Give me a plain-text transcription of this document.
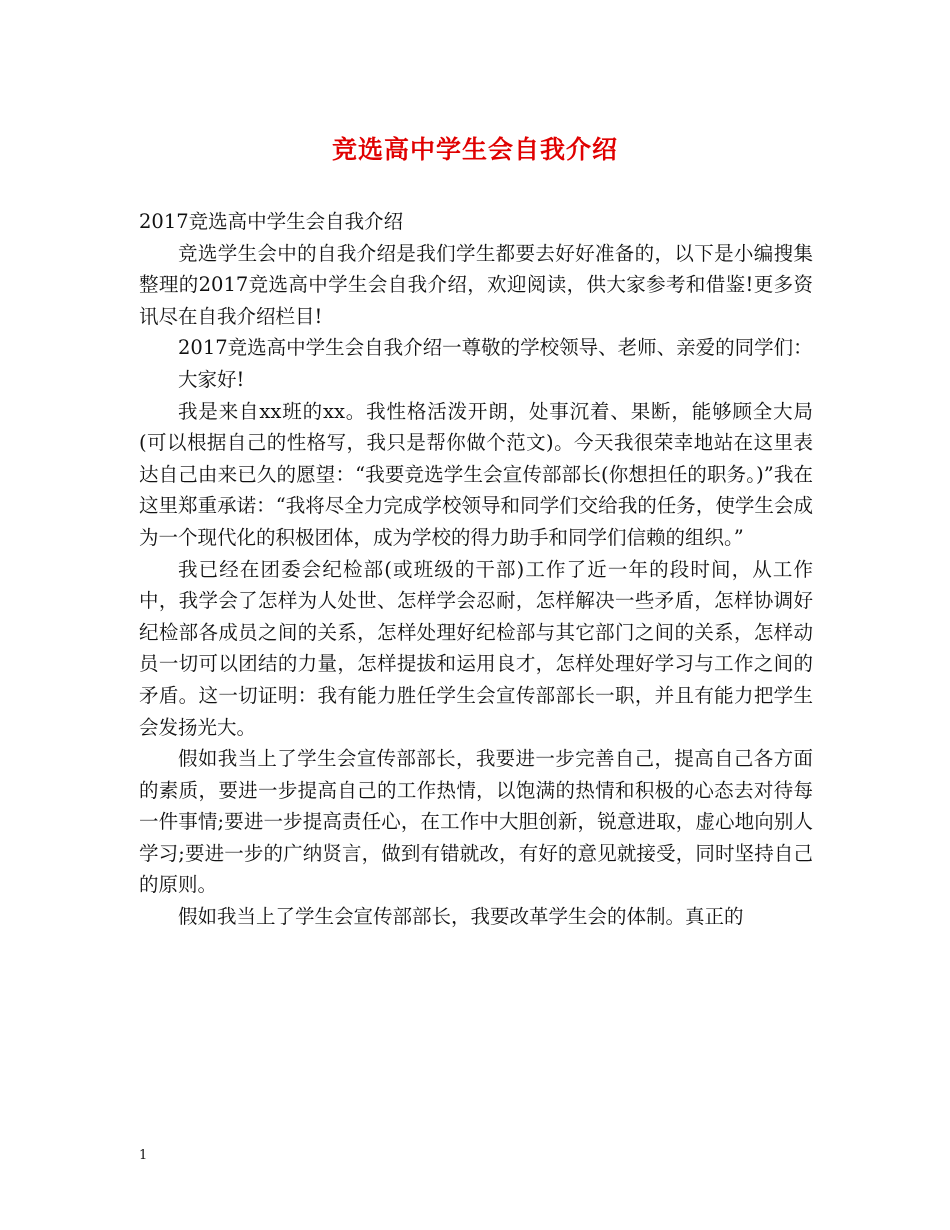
竞选高中学生会自我介绍

2017竞选高中学生会自我介绍

竞选学生会中的自我介绍是我们学生都要去好好准备的，以下是小编搜集整理的2017竞选高中学生会自我介绍，欢迎阅读，供大家参考和借鉴!更多资讯尽在自我介绍栏目!

2017竞选高中学生会自我介绍一尊敬的学校领导、老师、亲爱的同学们：

大家好!

我是来自xx班的xx。我性格活泼开朗，处事沉着、果断，能够顾全大局(可以根据自己的性格写，我只是帮你做个范文)。今天我很荣幸地站在这里表达自己由来已久的愿望：“我要竞选学生会宣传部部长(你想担任的职务。)”我在这里郑重承诺：“我将尽全力完成学校领导和同学们交给我的任务，使学生会成为一个现代化的积极团体，成为学校的得力助手和同学们信赖的组织。”

我已经在团委会纪检部(或班级的干部)工作了近一年的段时间，从工作中，我学会了怎样为人处世、怎样学会忍耐，怎样解决一些矛盾，怎样协调好纪检部各成员之间的关系，怎样处理好纪检部与其它部门之间的关系，怎样动员一切可以团结的力量，怎样提拔和运用良才，怎样处理好学习与工作之间的矛盾。这一切证明：我有能力胜任学生会宣传部部长一职，并且有能力把学生会发扬光大。

假如我当上了学生会宣传部部长，我要进一步完善自己，提高自己各方面的素质，要进一步提高自己的工作热情，以饱满的热情和积极的心态去对待每一件事情;要进一步提高责任心，在工作中大胆创新，锐意进取，虚心地向别人学习;要进一步的广纳贤言，做到有错就改，有好的意见就接受，同时坚持自己的原则。

假如我当上了学生会宣传部部长，我要改革学生会的体制。真正的

1
